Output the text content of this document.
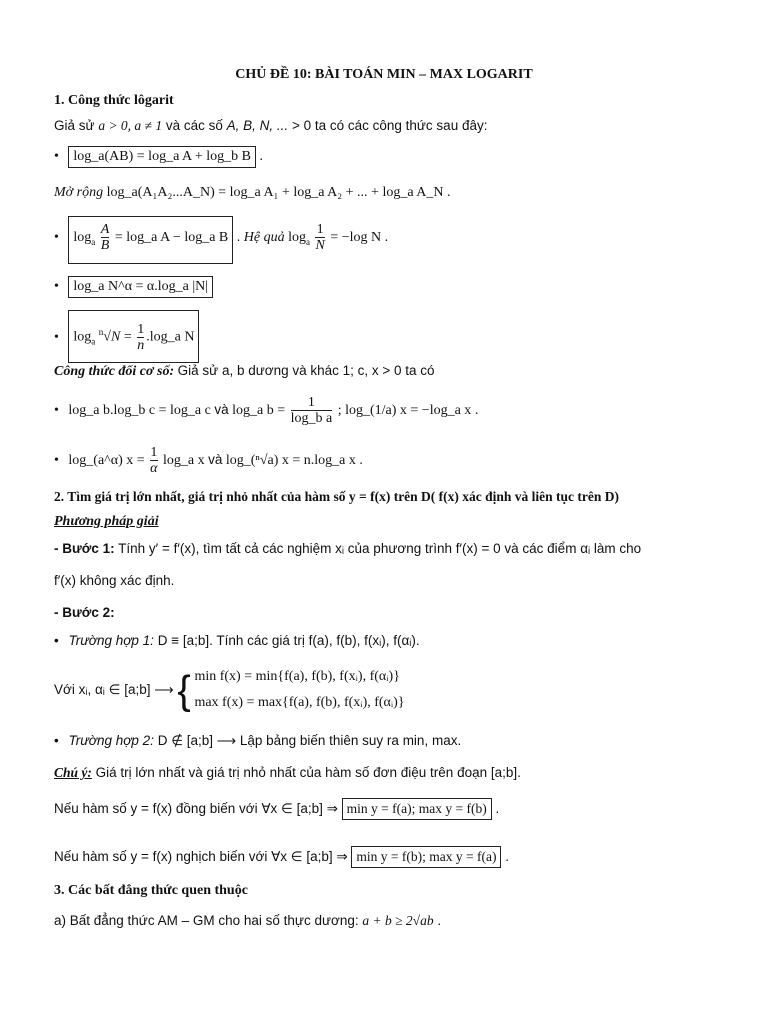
CHỦ ĐỀ 10: BÀI TOÁN MIN – MAX LOGARIT
1. Công thức lôgarit
Giả sử a > 0, a ≠ 1 và các số A, B, N, ... > 0 ta có các công thức sau đây:
• log_a(AB) = log_a A + log_b B .
Mở rộng log_a(A₁A₂...A_N) = log_a A₁ + log_a A₂ + ... + log_a A_N .
• $\log_a \frac{A}{B}$ = log_a A − log_a B . Hệ quả $\log_a \frac{1}{N} = -\log$ N .
• log_a N^α = α.log_a |N|
• $\log_a ^n√N = \frac{1}{n}$ .log_a N
Công thức đổi cơ số: Giả sử a, b dương và khác 1; c, x > 0 ta có
• log_a b.log_b c = log_a c và log_a $b = \frac{1}{\text{log\_b a}}$ ; log_(1/a) x = −log_a x .
• log_(a^α) $x = \frac{1}{\alpha}$ log_a x và log_(ⁿ√a) x = n.log_a x .
2. Tìm giá trị lớn nhất, giá trị nhỏ nhất của hàm số y = f(x) trên D( f(x) xác định và liên tục trên D)
Phương pháp giải
- Bước 1: Tính y′ = f′(x), tìm tất cả các nghiệm xᵢ của phương trình f′(x) = 0 và các điểm αᵢ làm cho
f′(x) không xác định.
- Bước 2:
• Trường hợp 1: D ≡ [a;b]. Tính các giá trị f(a), f(b), f(xᵢ), f(αᵢ).
Với xᵢ, αᵢ ∈ [a;b] ⟶ { min f(x) = min{f(a), f(b), f(xᵢ), f(αᵢ)}
max f(x) = max{f(a), f(b), f(xᵢ), f(αᵢ)}
• Trường hợp 2: D ∉ [a;b] ⟶ Lập bảng biến thiên suy ra min, max.
Chú ý: Giá trị lớn nhất và giá trị nhỏ nhất của hàm số đơn điệu trên đoạn [a;b].
Nếu hàm số y = f(x) đồng biến với ∀x ∈ [a;b] ⇒ min y = f(a); max y = f(b) .
Nếu hàm số y = f(x) nghịch biến với ∀x ∈ [a;b] ⇒ min y = f(b); max y = f(a) .
3. Các bất đẳng thức quen thuộc
a) Bất đẳng thức AM – GM cho hai số thực dương: a + b ≥ 2√ab .
